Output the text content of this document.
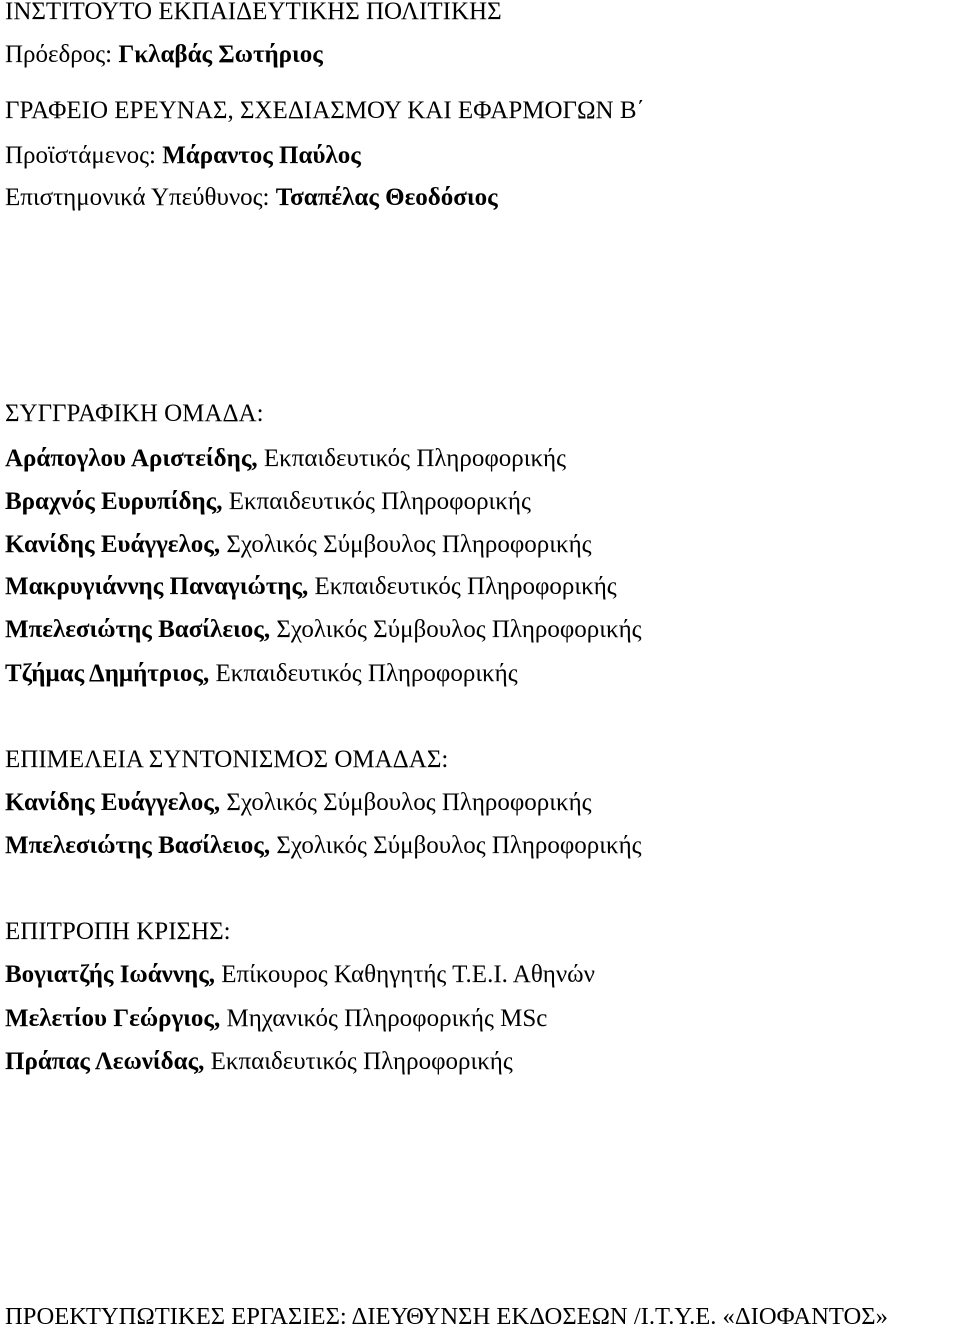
ΙΝΣΤΙΤΟΥΤΟ ΕΚΠΑΙΔΕΥΤΙΚΗΣ ΠΟΛΙΤΙΚΗΣ
Πρόεδρος: Γκλαβάς Σωτήριος
ΓΡΑΦΕΙΟ ΕΡΕΥΝΑΣ, ΣΧΕΔΙΑΣΜΟΥ ΚΑΙ ΕΦΑΡΜΟΓΩΝ Β΄
Προϊστάμενος: Μάραντος Παύλος
Επιστημονικά Υπεύθυνος: Τσαπέλας Θεοδόσιος
ΣΥΓΓΡΑΦΙΚΗ ΟΜΑΔΑ:
Αράπογλου Αριστείδης, Εκπαιδευτικός Πληροφορικής
Βραχνός Ευρυπίδης, Εκπαιδευτικός Πληροφορικής
Κανίδης Ευάγγελος, Σχολικός Σύμβουλος Πληροφορικής
Μακρυγιάννης Παναγιώτης, Εκπαιδευτικός Πληροφορικής
Μπελεσιώτης Βασίλειος, Σχολικός Σύμβουλος Πληροφορικής
Τζήμας Δημήτριος, Εκπαιδευτικός Πληροφορικής
ΕΠΙΜΕΛΕΙΑ ΣΥΝΤΟΝΙΣΜΟΣ ΟΜΑΔΑΣ:
Κανίδης Ευάγγελος, Σχολικός Σύμβουλος Πληροφορικής
Μπελεσιώτης Βασίλειος, Σχολικός Σύμβουλος Πληροφορικής
ΕΠΙΤΡΟΠΗ ΚΡΙΣΗΣ:
Βογιατζής Ιωάννης, Επίκουρος Καθηγητής Τ.Ε.Ι. Αθηνών
Μελετίου Γεώργιος, Μηχανικός Πληροφορικής MSc
Πράπας Λεωνίδας, Εκπαιδευτικός Πληροφορικής
ΠΡΟΕΚΤΥΠΩΤΙΚΕΣ ΕΡΓΑΣΙΕΣ: ΔΙΕΥΘΥΝΣΗ ΕΚΔΟΣΕΩΝ /Ι.Τ.Υ.Ε. «ΔΙΟΦΑΝΤΟΣ»
